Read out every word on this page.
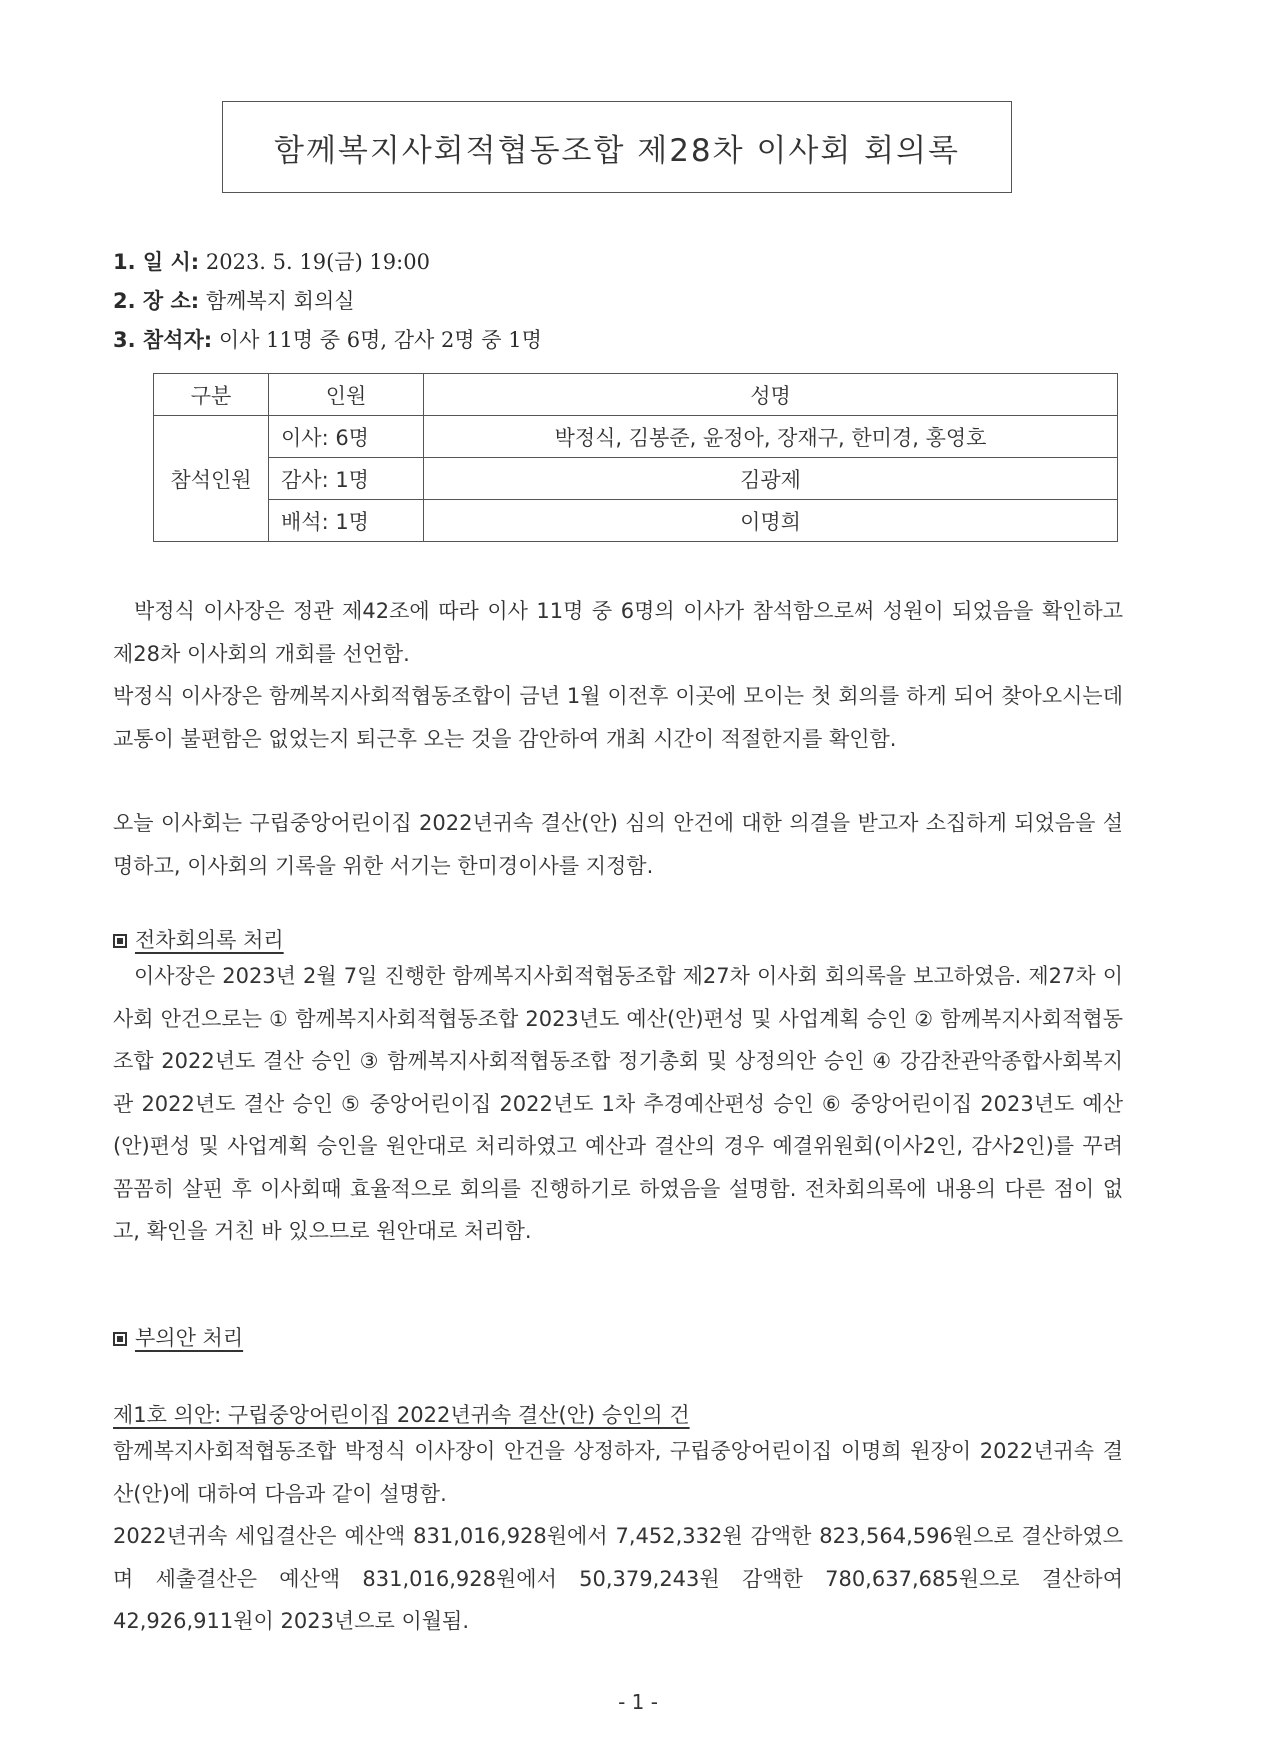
함께복지사회적협동조합 제28차 이사회 회의록
1. 일 시: 2023. 5. 19(금) 19:00
2. 장 소: 함께복지 회의실
3. 참석자: 이사 11명 중 6명, 감사 2명 중 1명
구분	인원	성명
참석인원	이사: 6명	박정식, 김봉준, 윤정아, 장재구, 한미경, 홍영호
	감사: 1명	김광제
	배석: 1명	이명희
박정식 이사장은 정관 제42조에 따라 이사 11명 중 6명의 이사가 참석함으로써 성원이 되었음을 확인하고 제28차 이사회의 개회를 선언함.
박정식 이사장은 함께복지사회적협동조합이 금년 1월 이전후 이곳에 모이는 첫 회의를 하게 되어 찾아오시는데 교통이 불편함은 없었는지 퇴근후 오는 것을 감안하여 개최 시간이 적절한지를 확인함.
오늘 이사회는 구립중앙어린이집 2022년귀속 결산(안) 심의 안건에 대한 의결을 받고자 소집하게 되었음을 설명하고, 이사회의 기록을 위한 서기는 한미경이사를 지정함.
전차회의록 처리
이사장은 2023년 2월 7일 진행한 함께복지사회적협동조합 제27차 이사회 회의록을 보고하였음. 제27차 이사회 안건으로는 ① 함께복지사회적협동조합 2023년도 예산(안)편성 및 사업계획 승인 ② 함께복지사회적협동조합 2022년도 결산 승인 ③ 함께복지사회적협동조합 정기총회 및 상정의안 승인 ④ 강감찬관악종합사회복지관 2022년도 결산 승인 ⑤ 중앙어린이집 2022년도 1차 추경예산편성 승인 ⑥ 중앙어린이집 2023년도 예산(안)편성 및 사업계획 승인을 원안대로 처리하였고 예산과 결산의 경우 예결위원회(이사2인, 감사2인)를 꾸려 꼼꼼히 살핀 후 이사회때 효율적으로 회의를 진행하기로 하였음을 설명함. 전차회의록에 내용의 다른 점이 없고, 확인을 거친 바 있으므로 원안대로 처리함.
부의안 처리
제1호 의안: 구립중앙어린이집 2022년귀속 결산(안) 승인의 건
함께복지사회적협동조합 박정식 이사장이 안건을 상정하자, 구립중앙어린이집 이명희 원장이 2022년귀속 결산(안)에 대하여 다음과 같이 설명함.
2022년귀속 세입결산은 예산액 831,016,928원에서 7,452,332원 감액한 823,564,596원으로 결산하였으며 세출결산은 예산액 831,016,928원에서 50,379,243원 감액한 780,637,685원으로 결산하여 42,926,911원이 2023년으로 이월됨.
- 1 -
